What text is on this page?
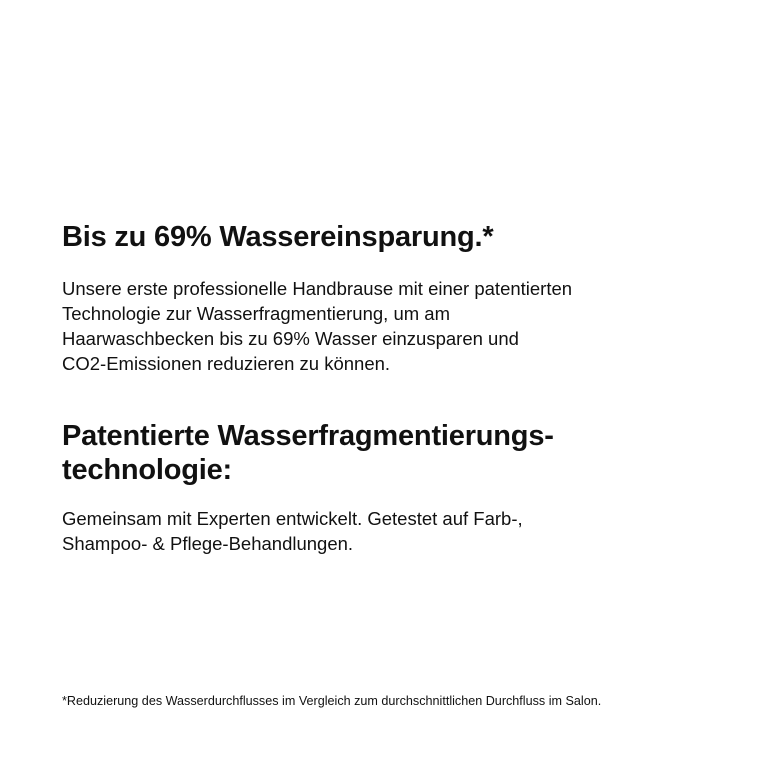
Bis zu 69% Wassereinsparung.*

Unsere erste professionelle Handbrause mit einer patentierten
Technologie zur Wasserfragmentierung, um am
Haarwaschbecken bis zu 69% Wasser einzusparen und
CO2-Emissionen reduzieren zu können.

Patentierte Wasserfragmentierungs-
technologie:

Gemeinsam mit Experten entwickelt. Getestet auf Farb-,
Shampoo- & Pflege-Behandlungen.

*Reduzierung des Wasserdurchflusses im Vergleich zum durchschnittlichen Durchfluss im Salon.
